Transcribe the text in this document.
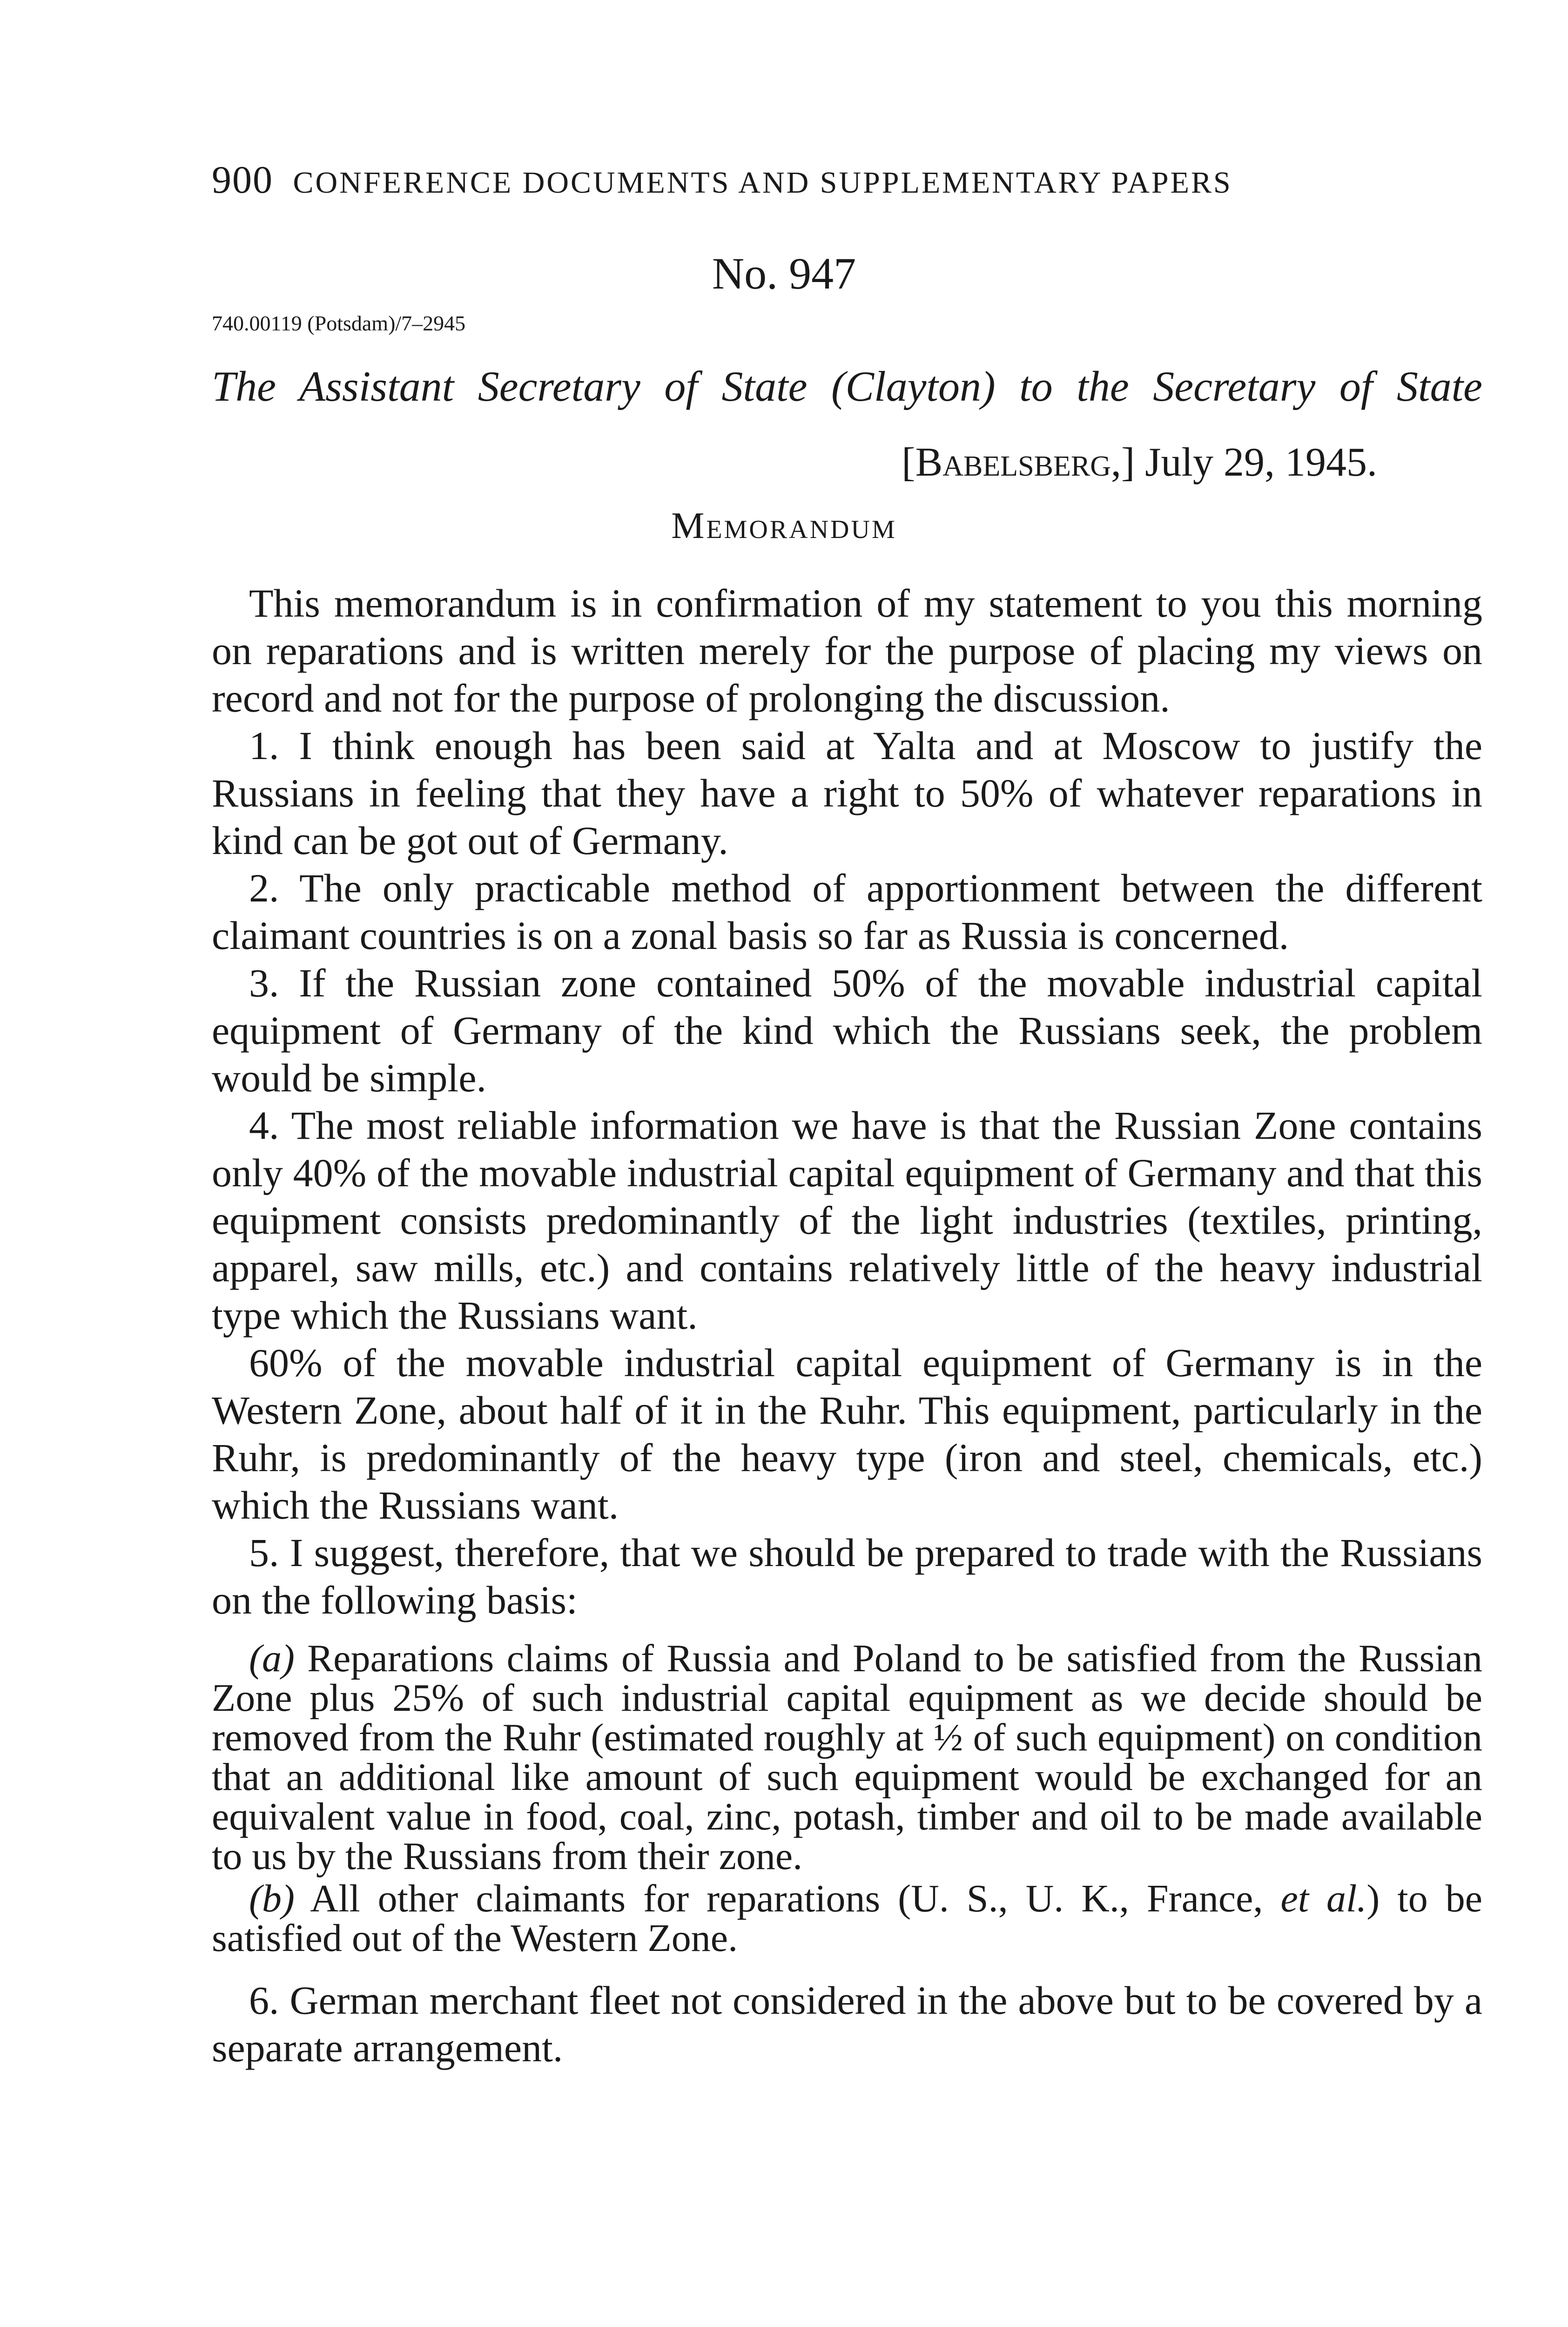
900 CONFERENCE DOCUMENTS AND SUPPLEMENTARY PAPERS
No. 947
740.00119 (Potsdam)/7–2945
The Assistant Secretary of State (Clayton) to the Secretary of State
[Babelsberg,] July 29, 1945.
Memorandum

This memorandum is in confirmation of my statement to you this morning on reparations and is written merely for the purpose of placing my views on record and not for the purpose of prolonging the discussion.

1. I think enough has been said at Yalta and at Moscow to justify the Russians in feeling that they have a right to 50% of whatever reparations in kind can be got out of Germany.

2. The only practicable method of apportionment between the different claimant countries is on a zonal basis so far as Russia is concerned.

3. If the Russian zone contained 50% of the movable industrial capital equipment of Germany of the kind which the Russians seek, the problem would be simple.

4. The most reliable information we have is that the Russian Zone contains only 40% of the movable industrial capital equipment of Germany and that this equipment consists predominantly of the light industries (textiles, printing, apparel, saw mills, etc.) and contains relatively little of the heavy industrial type which the Russians want.

60% of the movable industrial capital equipment of Germany is in the Western Zone, about half of it in the Ruhr. This equipment, particularly in the Ruhr, is predominantly of the heavy type (iron and steel, chemicals, etc.) which the Russians want.

5. I suggest, therefore, that we should be prepared to trade with the Russians on the following basis:

(a) Reparations claims of Russia and Poland to be satisfied from the Russian Zone plus 25% of such industrial capital equipment as we decide should be removed from the Ruhr (estimated roughly at ½ of such equipment) on condition that an additional like amount of such equipment would be exchanged for an equivalent value in food, coal, zinc, potash, timber and oil to be made available to us by the Russians from their zone.

(b) All other claimants for reparations (U. S., U. K., France, et al.) to be satisfied out of the Western Zone.

6. German merchant fleet not considered in the above but to be covered by a separate arrangement.
